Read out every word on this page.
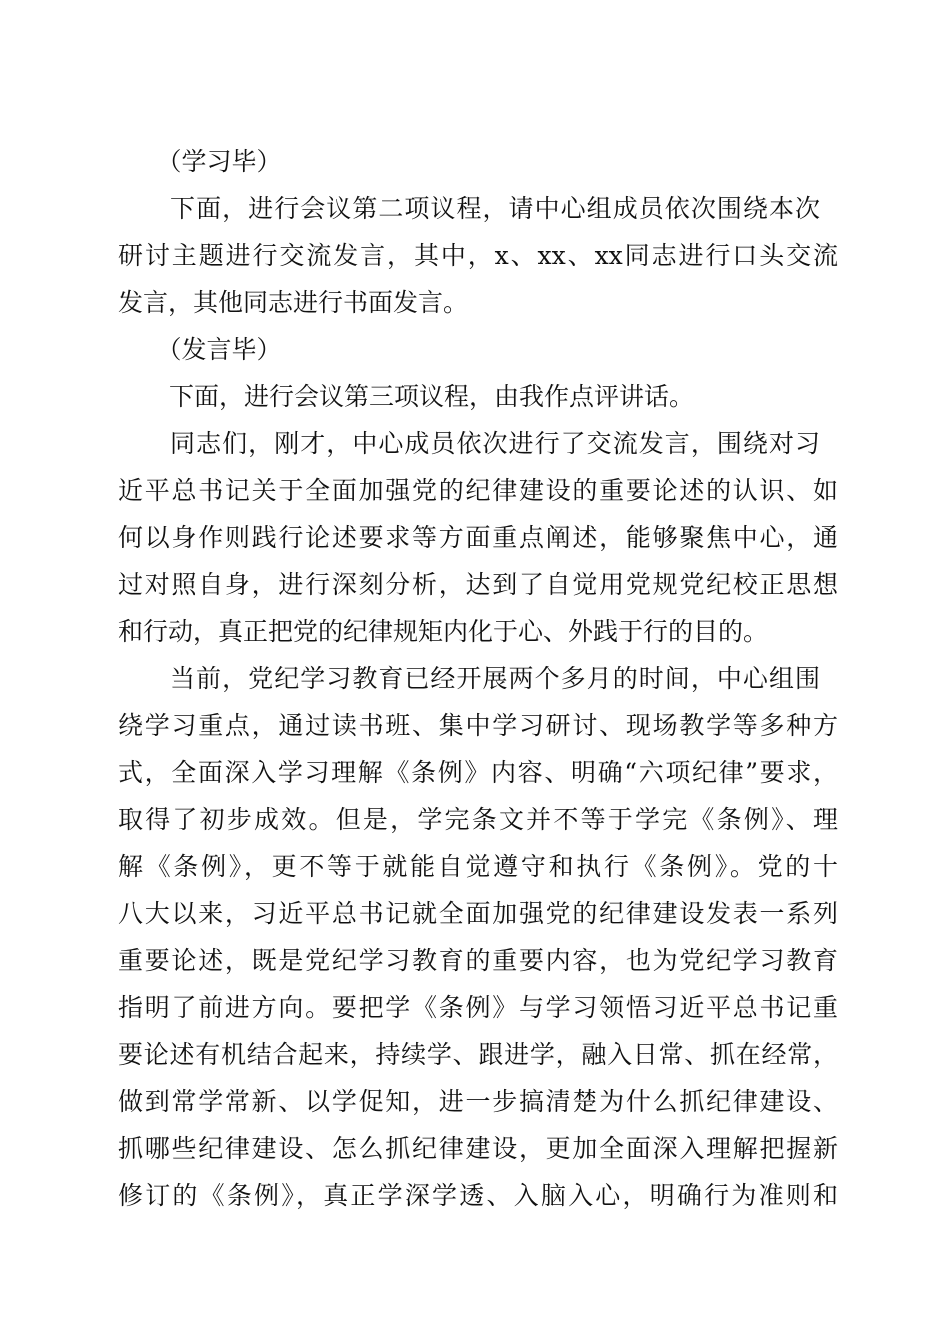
　（学习毕）
　下面，进行会议第二项议程，请中心组成员依次围绕本次
研讨主题进行交流发言，其中，x、xx、xx同志进行口头交流
发言，其他同志进行书面发言。
　（发言毕）
　下面，进行会议第三项议程，由我作点评讲话。
　同志们，刚才，中心成员依次进行了交流发言，围绕对习
近平总书记关于全面加强党的纪律建设的重要论述的认识、如
何以身作则践行论述要求等方面重点阐述，能够聚焦中心，通
过对照自身，进行深刻分析，达到了自觉用党规党纪校正思想
和行动，真正把党的纪律规矩内化于心、外践于行的目的。
　当前，党纪学习教育已经开展两个多月的时间，中心组围
绕学习重点，通过读书班、集中学习研讨、现场教学等多种方
式，全面深入学习理解《条例》内容、明确“六项纪律”要求，
取得了初步成效。但是，学完条文并不等于学完《条例》、理
解《条例》，更不等于就能自觉遵守和执行《条例》。党的十
八大以来，习近平总书记就全面加强党的纪律建设发表一系列
重要论述，既是党纪学习教育的重要内容，也为党纪学习教育
指明了前进方向。要把学《条例》与学习领悟习近平总书记重
要论述有机结合起来，持续学、跟进学，融入日常、抓在经常，
做到常学常新、以学促知，进一步搞清楚为什么抓纪律建设、
抓哪些纪律建设、怎么抓纪律建设，更加全面深入理解把握新
修订的《条例》，真正学深学透、入脑入心，明确行为准则和
